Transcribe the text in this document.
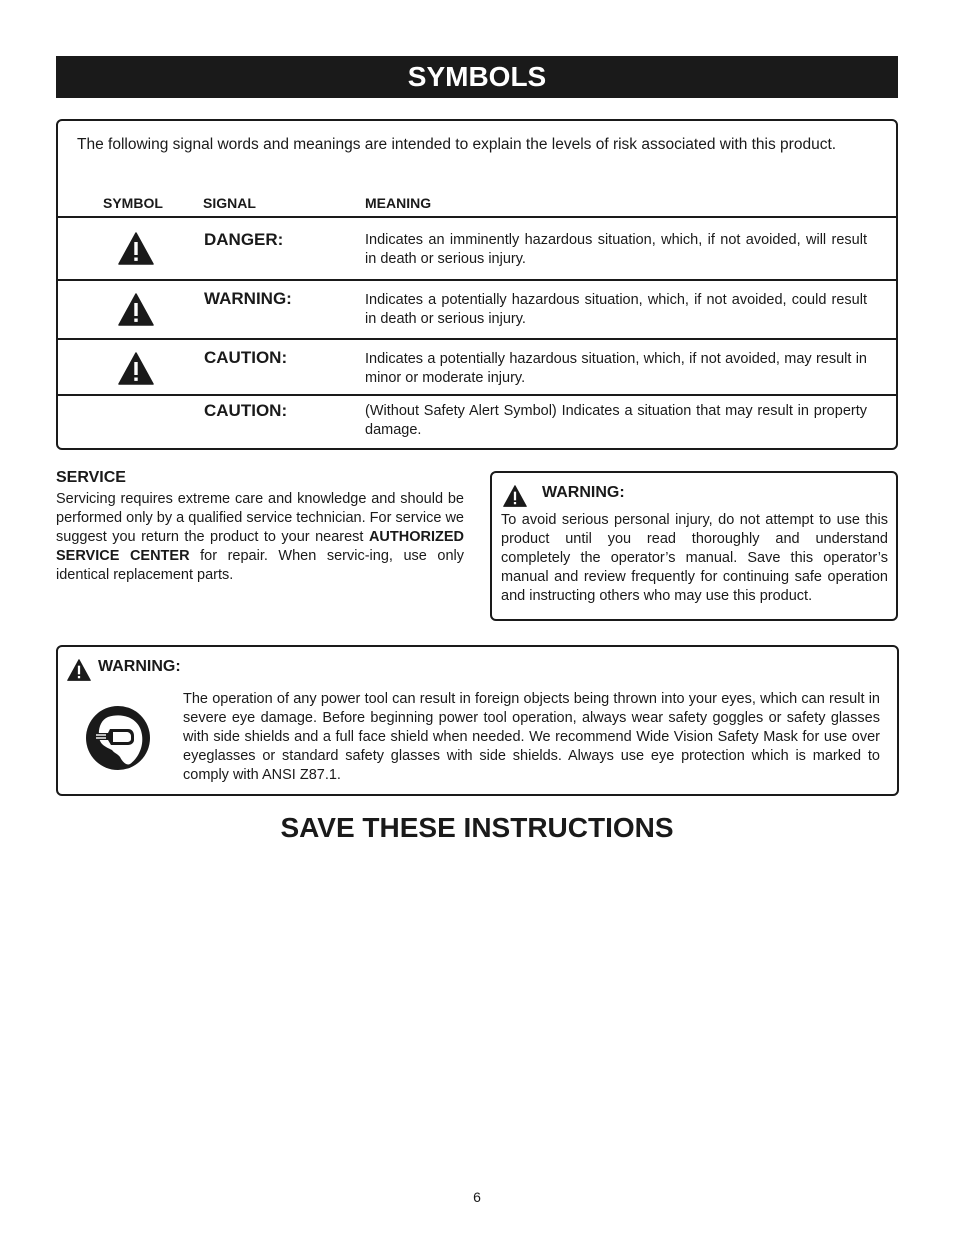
SYMBOLS
The following signal words and meanings are intended to explain the levels of risk associated with this product.
SYMBOL	SIGNAL	MEANING
DANGER:	Indicates an imminently hazardous situation, which, if not avoided, will result in death or serious injury.
WARNING:	Indicates a potentially hazardous situation, which, if not avoided, could result in death or serious injury.
CAUTION:	Indicates a potentially hazardous situation, which, if not avoided, may result in minor or moderate injury.
CAUTION:	(Without Safety Alert Symbol) Indicates a situation that may result in property damage.
SERVICE
Servicing requires extreme care and knowledge and should be performed only by a qualified service technician. For service we suggest you return the product to your nearest AUTHORIZED SERVICE CENTER for repair. When servic-ing, use only identical replacement parts.
WARNING:
To avoid serious personal injury, do not attempt to use this product until you read thoroughly and understand completely the operator’s manual. Save this operator’s manual and review frequently for continuing safe operation and instructing others who may use this product.
WARNING:
The operation of any power tool can result in foreign objects being thrown into your eyes, which can result in severe eye damage. Before beginning power tool operation, always wear safety goggles or safety glasses with side shields and a full face shield when needed. We recommend Wide Vision Safety Mask for use over eyeglasses or standard safety glasses with side shields. Always use eye protection which is marked to comply with ANSI Z87.1.
SAVE THESE INSTRUCTIONS
6
